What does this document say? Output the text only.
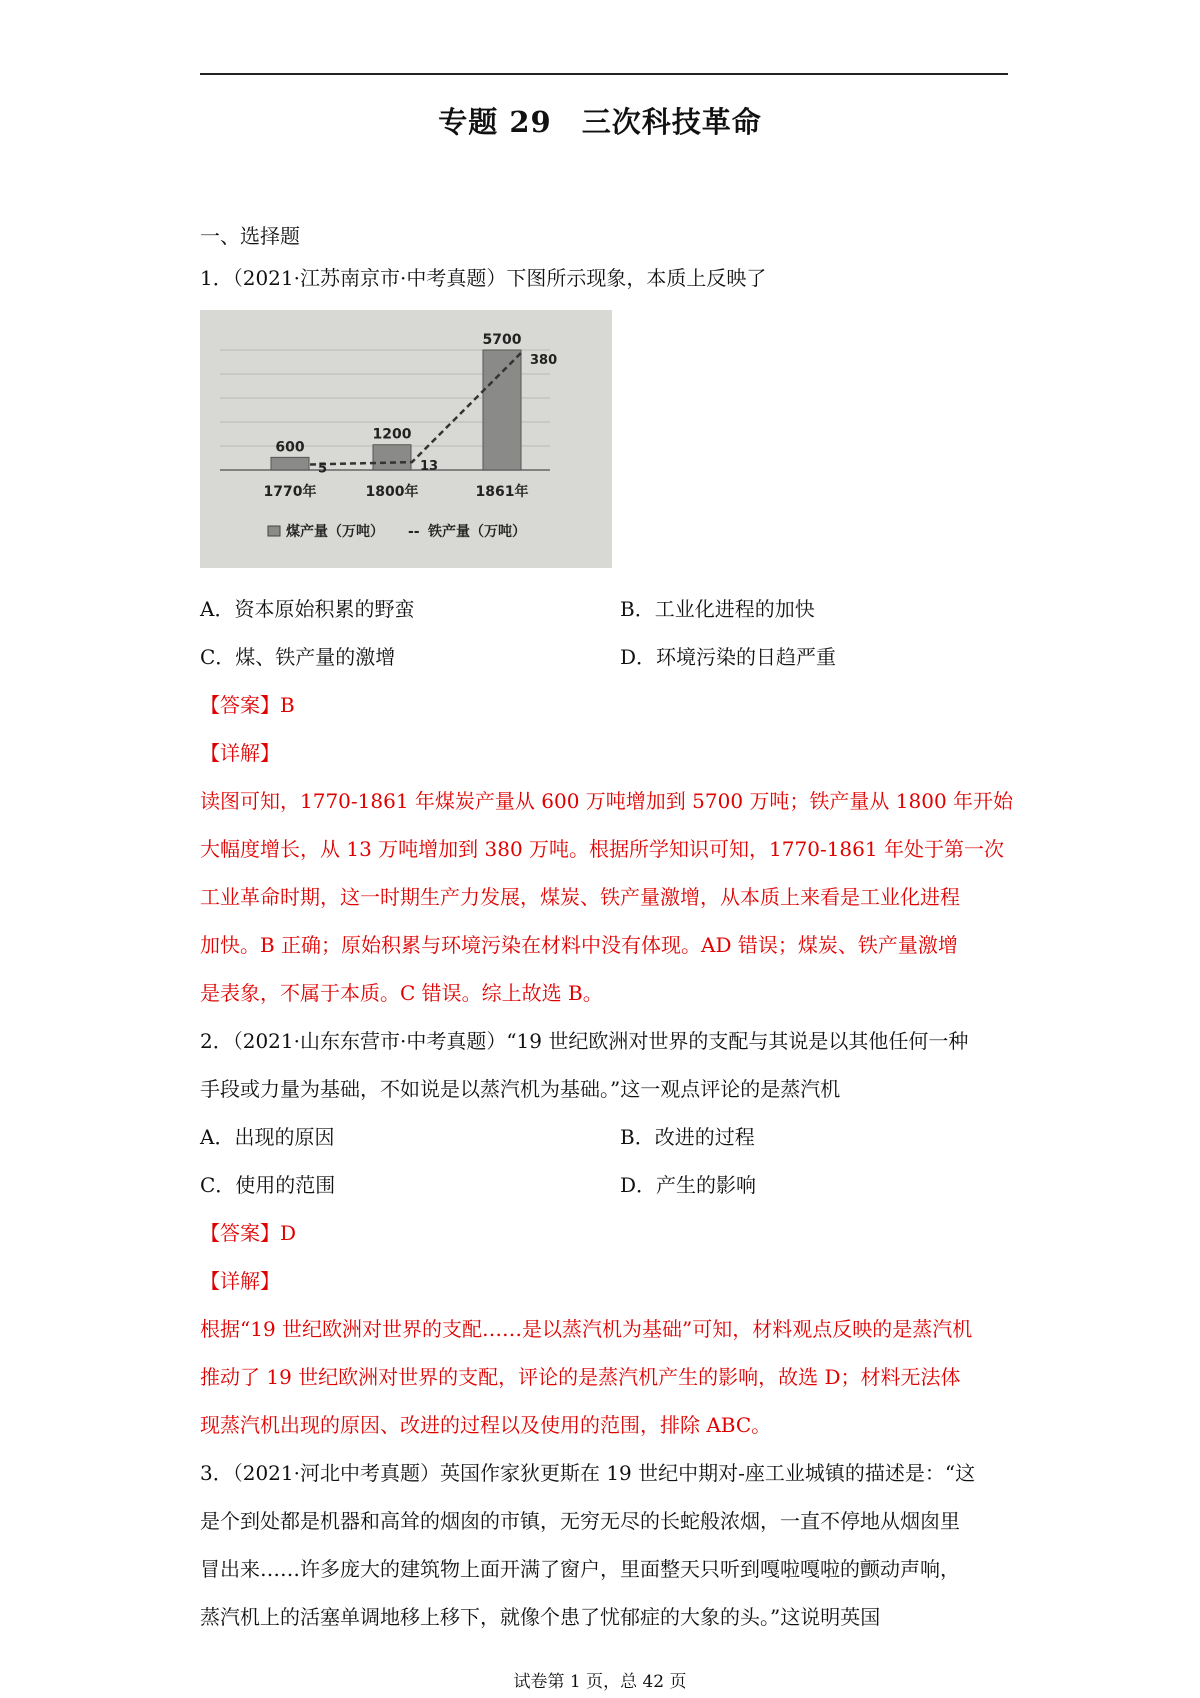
专题 29　三次科技革命
一、选择题
1．（2021·江苏南京市·中考真题）下图所示现象，本质上反映了
600
1200
5700
5	13
380
1770年	1800年	1861年
煤产量（万吨） -- 铁产量（万吨）
A．资本原始积累的野蛮	B．工业化进程的加快
C．煤、铁产量的激增	D．环境污染的日趋严重
【答案】B
【详解】
读图可知，1770-1861 年煤炭产量从 600 万吨增加到 5700 万吨；铁产量从 1800 年开始
大幅度增长，从 13 万吨增加到 380 万吨。根据所学知识可知，1770-1861 年处于第一次
工业革命时期，这一时期生产力发展，煤炭、铁产量激增，从本质上来看是工业化进程
加快。B 正确；原始积累与环境污染在材料中没有体现。AD 错误；煤炭、铁产量激增
是表象，不属于本质。C 错误。综上故选 B。
2．（2021·山东东营市·中考真题）“19 世纪欧洲对世界的支配与其说是以其他任何一种
手段或力量为基础，不如说是以蒸汽机为基础。”这一观点评论的是蒸汽机
A．出现的原因	B．改进的过程
C．使用的范围	D．产生的影响
【答案】D
【详解】
根据“19 世纪欧洲对世界的支配……是以蒸汽机为基础”可知，材料观点反映的是蒸汽机
推动了 19 世纪欧洲对世界的支配，评论的是蒸汽机产生的影响，故选 D；材料无法体
现蒸汽机出现的原因、改进的过程以及使用的范围，排除 ABC。
3．（2021·河北中考真题）英国作家狄更斯在 19 世纪中期对-座工业城镇的描述是：“这
是个到处都是机器和高耸的烟囱的市镇，无穷无尽的长蛇般浓烟，一直不停地从烟囱里
冒出来……许多庞大的建筑物上面开满了窗户，里面整天只听到嘎啦嘎啦的颤动声响，
蒸汽机上的活塞单调地移上移下，就像个患了忧郁症的大象的头。”这说明英国
试卷第 1 页，总 42 页
